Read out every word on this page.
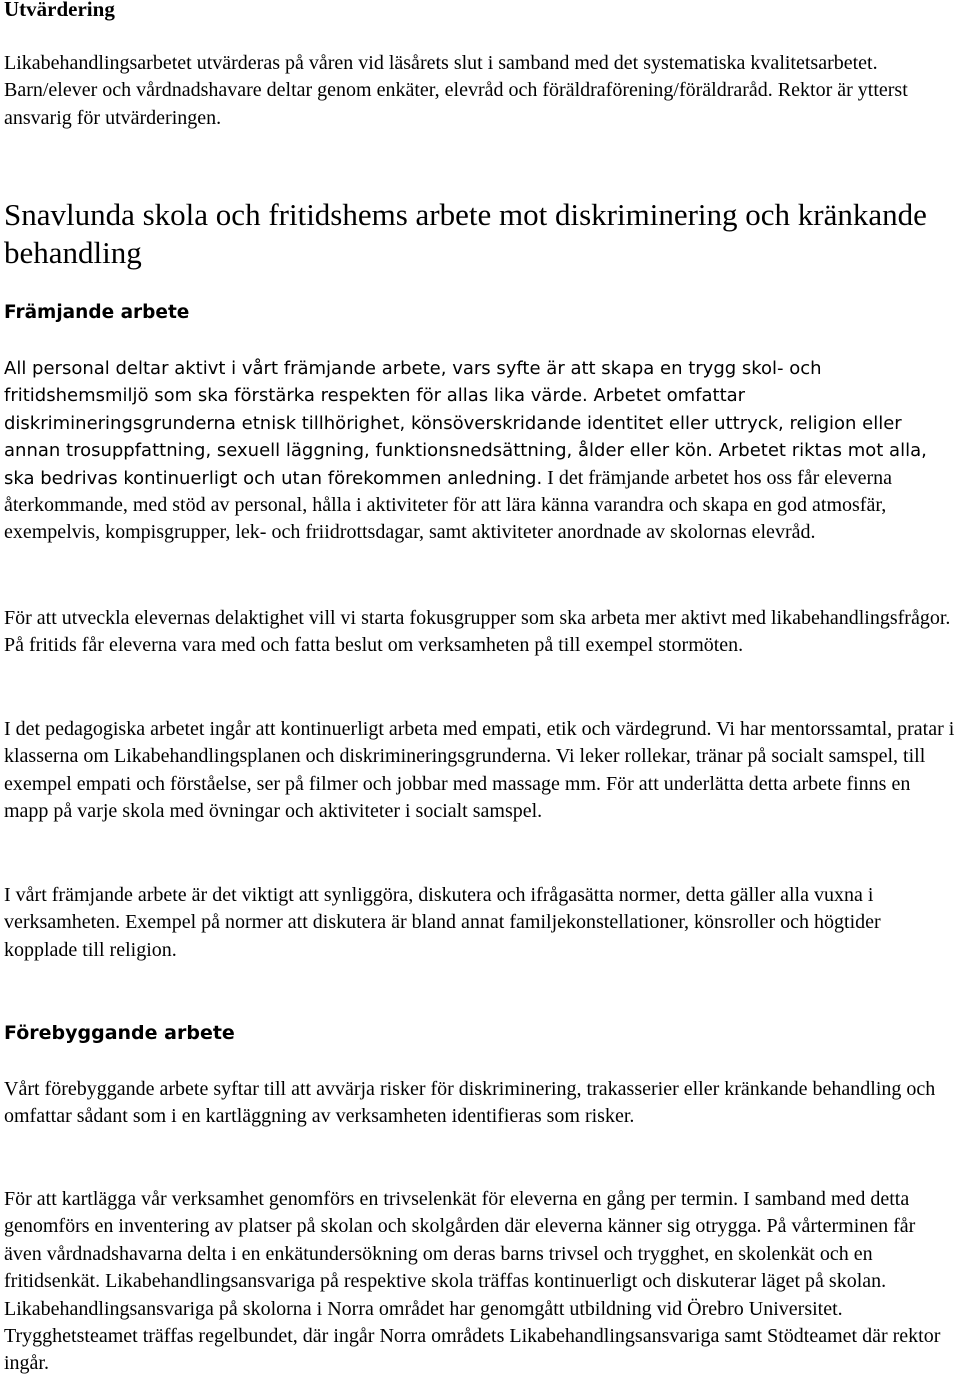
Utvärdering

Likabehandlingsarbetet utvärderas på våren vid läsårets slut i samband med det systematiska kvalitetsarbetet. Barn/elever och vårdnadshavare deltar genom enkäter, elevråd och föräldraförening/föräldraråd. Rektor är ytterst ansvarig för utvärderingen.

Snavlunda skola och fritidshems arbete mot diskriminering och kränkande behandling
Främjande arbete

All personal deltar aktivt i vårt främjande arbete, vars syfte är att skapa en trygg skol- och fritidshemsmiljö som ska förstärka respekten för allas lika värde. Arbetet omfattar diskrimineringsgrunderna etnisk tillhörighet, könsöverskridande identitet eller uttryck, religion eller annan trosuppfattning, sexuell läggning, funktionsnedsättning, ålder eller kön. Arbetet riktas mot alla, ska bedrivas kontinuerligt och utan förekommen anledning. I det främjande arbetet hos oss får eleverna återkommande, med stöd av personal, hålla i aktiviteter för att lära känna varandra och skapa en god atmosfär, exempelvis, kompisgrupper, lek- och friidrottsdagar, samt aktiviteter anordnade av skolornas elevråd.

För att utveckla elevernas delaktighet vill vi starta fokusgrupper som ska arbeta mer aktivt med likabehandlingsfrågor. På fritids får eleverna vara med och fatta beslut om verksamheten på till exempel stormöten.

I det pedagogiska arbetet ingår att kontinuerligt arbeta med empati, etik och värdegrund. Vi har mentorssamtal, pratar i klasserna om Likabehandlingsplanen och diskrimineringsgrunderna. Vi leker rollekar, tränar på socialt samspel, till exempel empati och förståelse, ser på filmer och jobbar med massage mm. För att underlätta detta arbete finns en mapp på varje skola med övningar och aktiviteter i socialt samspel.

I vårt främjande arbete är det viktigt att synliggöra, diskutera och ifrågasätta normer, detta gäller alla vuxna i verksamheten. Exempel på normer att diskutera är bland annat familjekonstellationer, könsroller och högtider kopplade till religion.

Förebyggande arbete

Vårt förebyggande arbete syftar till att avvärja risker för diskriminering, trakasserier eller kränkande behandling och omfattar sådant som i en kartläggning av verksamheten identifieras som risker.

För att kartlägga vår verksamhet genomförs en trivselenkät för eleverna en gång per termin. I samband med detta genomförs en inventering av platser på skolan och skolgården där eleverna känner sig otrygga. På vårterminen får även vårdnadshavarna delta i en enkätundersökning om deras barns trivsel och trygghet, en skolenkät och en fritidsenkät. Likabehandlingsansvariga på respektive skola träffas kontinuerligt och diskuterar läget på skolan. Likabehandlingsansvariga på skolorna i Norra området har genomgått utbildning vid Örebro Universitet. Trygghetsteamet träffas regelbundet, där ingår Norra områdets Likabehandlingsansvariga samt Stödteamet där rektor ingår.
